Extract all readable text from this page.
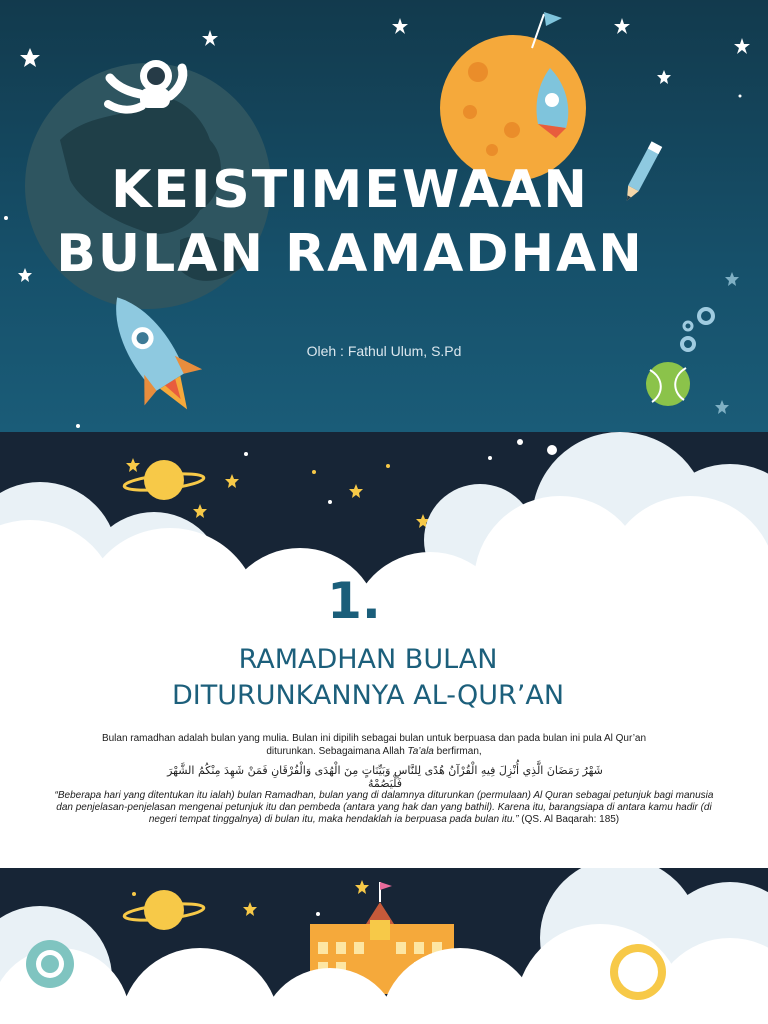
KEISTIMEWAAN
BULAN RAMADHAN
Oleh : Fathul Ulum, S.Pd
1.
RAMADHAN BULAN
DITURUNKANNYA AL-QUR’AN
Bulan ramadhan adalah bulan yang mulia. Bulan ini dipilih sebagai bulan untuk berpuasa dan pada bulan ini pula Al Qur’an
diturunkan. Sebagaimana Allah Ta’ala berfirman,
شَهْرُ رَمَضَانَ الَّذِي أُنْزِلَ فِيهِ الْقُرْآنُ هُدًى لِلنَّاسِ وَبَيِّنَاتٍ مِنَ الْهُدَى وَالْفُرْقَانِ فَمَنْ شَهِدَ مِنْكُمُ الشَّهْرَ فَلْيَصُمْهُ
“Beberapa hari yang ditentukan itu ialah) bulan Ramadhan, bulan yang di dalamnya diturunkan (permulaan) Al Quran sebagai petunjuk bagi manusia dan penjelasan-penjelasan mengenai petunjuk itu dan pembeda (antara yang hak dan yang bathil). Karena itu, barangsiapa di antara kamu hadir (di negeri tempat tinggalnya) di bulan itu, maka hendaklah ia berpuasa pada bulan itu.” (QS. Al Baqarah: 185)
